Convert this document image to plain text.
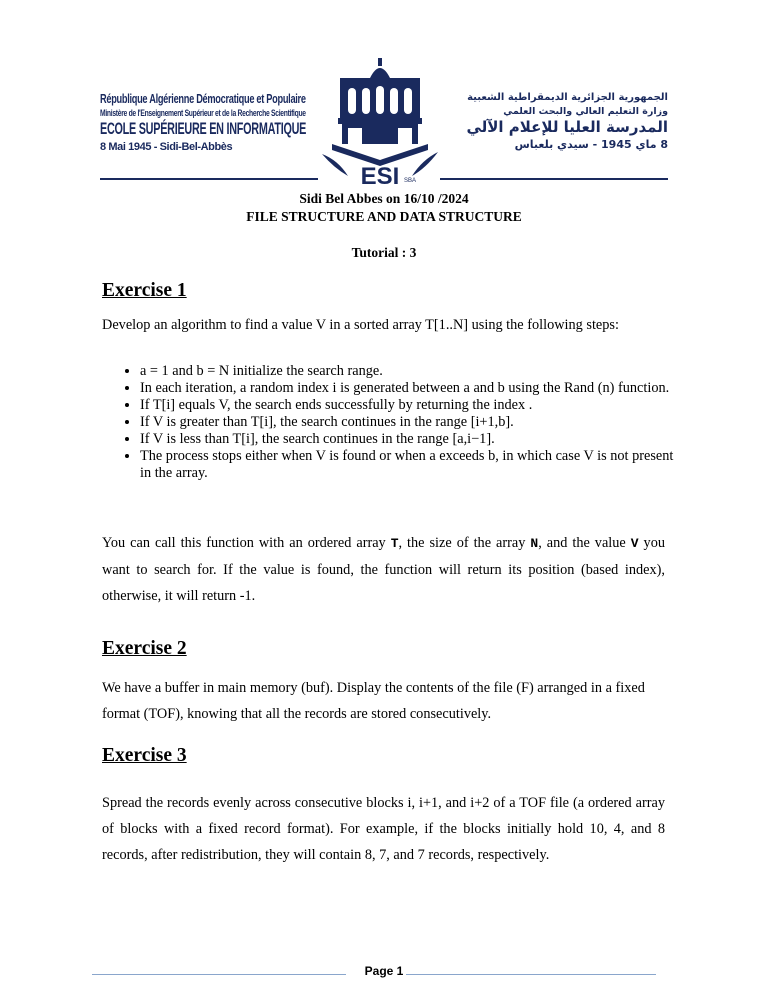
République Algérienne Démocratique et Populaire
Ministère de l'Enseignement Supérieur et de la Recherche Scientifique
ECOLE SUPÉRIEURE EN INFORMATIQUE
8 Mai 1945 - Sidi-Bel-Abbès
الجمهورية الجزائرية الديمقراطية الشعبية
وزارة التعليم العالي والبحث العلمي
المدرسة العليا للإعلام الآلي
8 ماي 1945 - سيدي بلعباس
ESI SBA
Sidi Bel Abbes on 16/10 /2024
FILE STRUCTURE AND DATA STRUCTURE
Tutorial : 3
Exercise 1
Develop an algorithm to find a value V in a sorted array T[1..N] using the following steps:
• a = 1 and b = N initialize the search range.
• In each iteration, a random index i is generated between a and b using the Rand (n) function.
• If T[i] equals V, the search ends successfully by returning the index .
• If V is greater than T[i], the search continues in the range [i+1,b].
• If V is less than T[i], the search continues in the range [a,i−1].
• The process stops either when V is found or when a exceeds b, in which case V is not present in the array.
You can call this function with an ordered array T, the size of the array N, and the value V you want to search for. If the value is found, the function will return its position (based index), otherwise, it will return -1.
Exercise 2
We have a buffer in main memory (buf). Display the contents of the file (F) arranged in a fixed format (TOF), knowing that all the records are stored consecutively.
Exercise 3
Spread the records evenly across consecutive blocks i, i+1, and i+2 of a TOF file (a ordered array of blocks with a fixed record format). For example, if the blocks initially hold 10, 4, and 8 records, after redistribution, they will contain 8, 7, and 7 records, respectively.
Page 1
